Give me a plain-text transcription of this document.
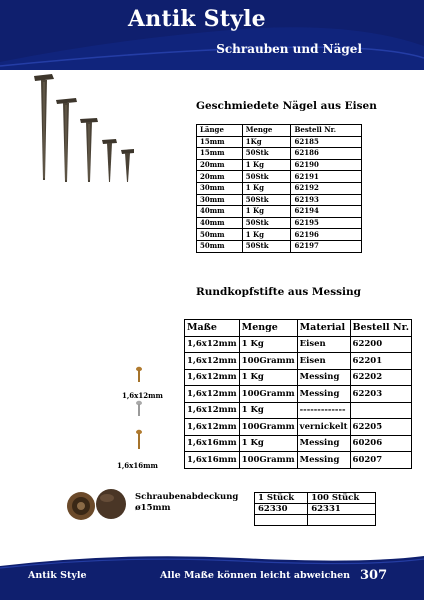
Antik Style
Schrauben und Nägel
Geschmiedete Nägel aus Eisen
Länge	Menge	Bestell Nr.
15mm	1Kg	62185
15mm	50Stk	62186
20mm	1 Kg	62190
20mm	50Stk	62191
30mm	1 Kg	62192
30mm	50Stk	62193
40mm	1 Kg	62194
40mm	50Stk	62195
50mm	1 Kg	62196
50mm	50Stk	62197
Rundkopfstifte aus Messing
Maße	Menge	Material	Bestell Nr.
1,6x12mm	1 Kg	Eisen	62200
1,6x12mm	100Gramm	Eisen	62201
1,6x12mm	1 Kg	Messing	62202
1,6x12mm	100Gramm	Messing	62203
1,6x12mm	1 Kg	-------------	
1,6x12mm	100Gramm	vernickelt	62205
1,6x16mm	1 Kg	Messing	60206
1,6x16mm	100Gramm	Messing	60207
1,6x12mm
1,6x16mm
Schraubenabdeckung
ø15mm
1 Stück	100 Stück
62330	62331

Antik Style	Alle Maße können leicht abweichen 307
